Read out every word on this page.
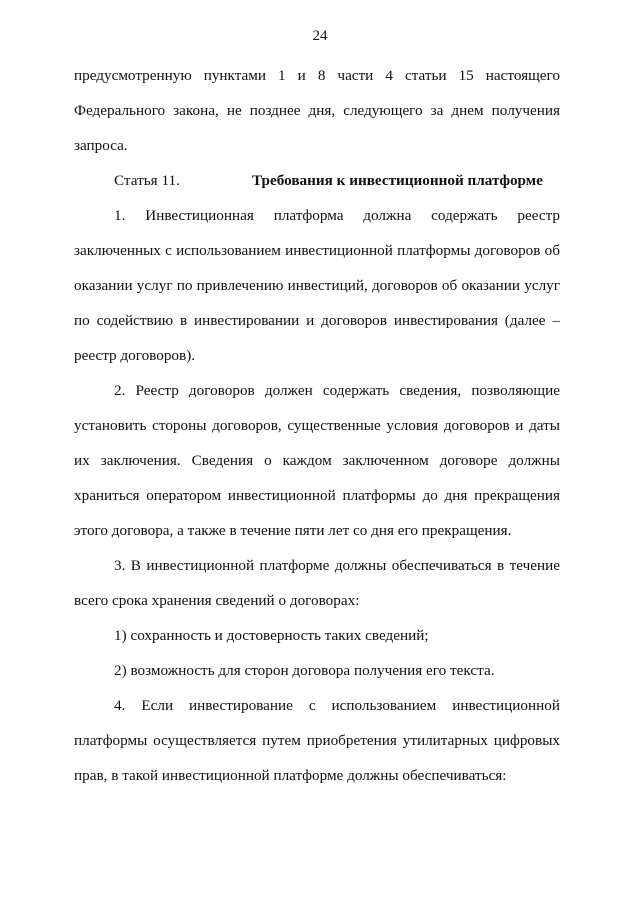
24
предусмотренную пунктами 1 и 8 части 4 статьи 15 настоящего
Федерального закона, не позднее дня, следующего за днем получения
запроса.
Статья 11.	Требования к инвестиционной платформе
1. Инвестиционная платформа должна содержать реестр
заключенных с использованием инвестиционной платформы договоров об
оказании услуг по привлечению инвестиций, договоров об оказании услуг
по содействию в инвестировании и договоров инвестирования (далее –
реестр договоров).
2. Реестр договоров должен содержать сведения, позволяющие
установить стороны договоров, существенные условия договоров и даты
их заключения. Сведения о каждом заключенном договоре должны
храниться оператором инвестиционной платформы до дня прекращения
этого договора, а также в течение пяти лет со дня его прекращения.
3. В инвестиционной платформе должны обеспечиваться в течение
всего срока хранения сведений о договорах:
1) сохранность и достоверность таких сведений;
2) возможность для сторон договора получения его текста.
4. Если инвестирование с использованием инвестиционной
платформы осуществляется путем приобретения утилитарных цифровых
прав, в такой инвестиционной платформе должны обеспечиваться:
